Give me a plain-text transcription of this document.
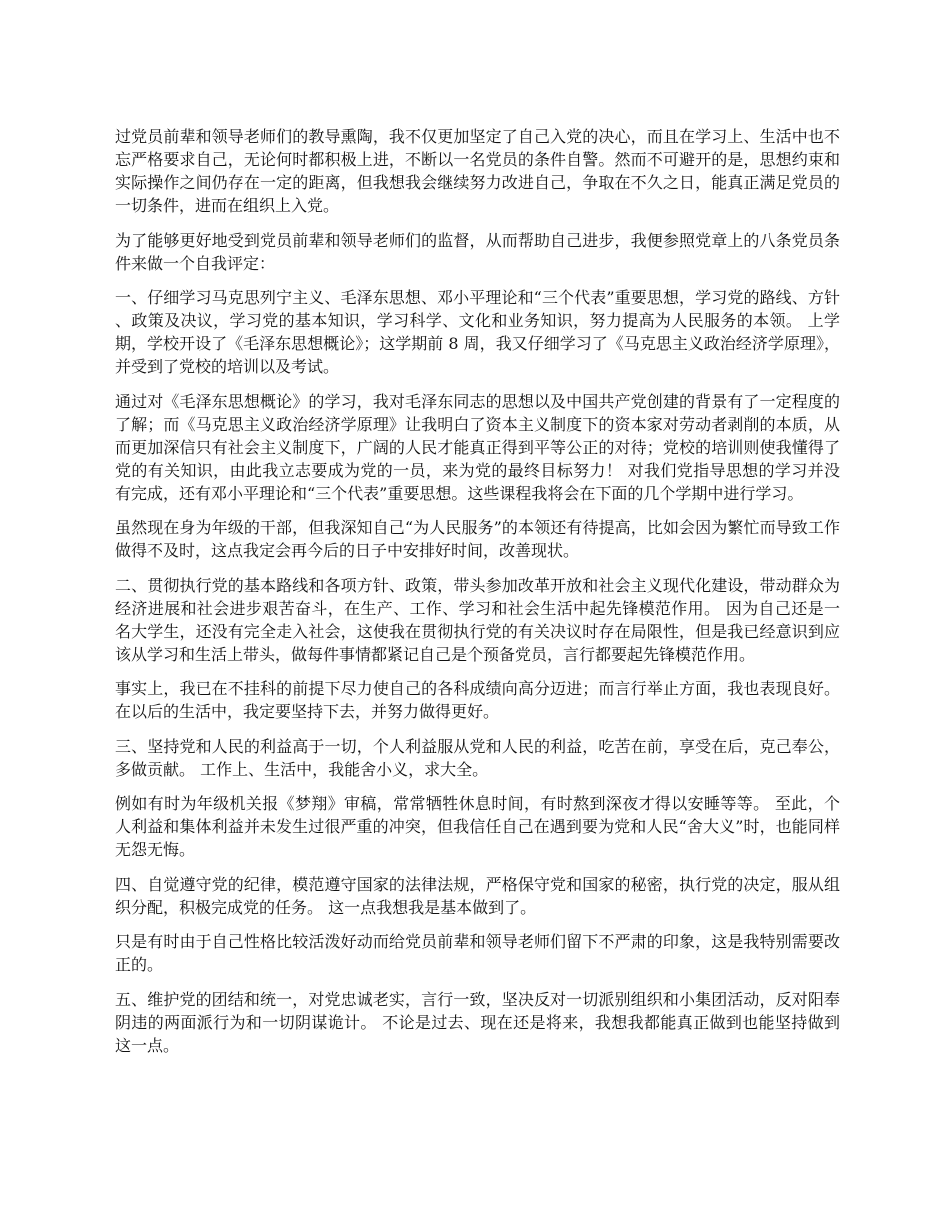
过党员前辈和领导老师们的教导熏陶，我不仅更加坚定了自己入党的决心，而且在学习上、生活中也不忘严格要求自己，无论何时都积极上进，不断以一名党员的条件自警。然而不可避开的是，思想约束和实际操作之间仍存在一定的距离，但我想我会继续努力改进自己，争取在不久之日，能真正满足党员的一切条件，进而在组织上入党。

为了能够更好地受到党员前辈和领导老师们的监督，从而帮助自己进步，我便参照党章上的八条党员条件来做一个自我评定：

一、仔细学习马克思列宁主义、毛泽东思想、邓小平理论和“三个代表”重要思想，学习党的路线、方针、政策及决议，学习党的基本知识，学习科学、文化和业务知识，努力提高为人民服务的本领。 上学期，学校开设了《毛泽东思想概论》；这学期前 8 周，我又仔细学习了《马克思主义政治经济学原理》，并受到了党校的培训以及考试。

通过对《毛泽东思想概论》的学习，我对毛泽东同志的思想以及中国共产党创建的背景有了一定程度的了解；而《马克思主义政治经济学原理》让我明白了资本主义制度下的资本家对劳动者剥削的本质，从而更加深信只有社会主义制度下，广阔的人民才能真正得到平等公正的对待；党校的培训则使我懂得了党的有关知识，由此我立志要成为党的一员，来为党的最终目标努力！ 对我们党指导思想的学习并没有完成，还有邓小平理论和“三个代表”重要思想。这些课程我将会在下面的几个学期中进行学习。

虽然现在身为年级的干部，但我深知自己“为人民服务”的本领还有待提高，比如会因为繁忙而导致工作做得不及时，这点我定会再今后的日子中安排好时间，改善现状。

二、贯彻执行党的基本路线和各项方针、政策，带头参加改革开放和社会主义现代化建设，带动群众为经济进展和社会进步艰苦奋斗，在生产、工作、学习和社会生活中起先锋模范作用。 因为自己还是一名大学生，还没有完全走入社会，这使我在贯彻执行党的有关决议时存在局限性，但是我已经意识到应该从学习和生活上带头，做每件事情都紧记自己是个预备党员，言行都要起先锋模范作用。

事实上，我已在不挂科的前提下尽力使自己的各科成绩向高分迈进；而言行举止方面，我也表现良好。在以后的生活中，我定要坚持下去，并努力做得更好。

三、坚持党和人民的利益高于一切，个人利益服从党和人民的利益，吃苦在前，享受在后，克己奉公，多做贡献。 工作上、生活中，我能舍小义，求大全。

例如有时为年级机关报《梦翔》审稿，常常牺牲休息时间，有时熬到深夜才得以安睡等等。 至此，个人利益和集体利益并未发生过很严重的冲突，但我信任自己在遇到要为党和人民“舍大义”时，也能同样无怨无悔。

四、自觉遵守党的纪律，模范遵守国家的法律法规，严格保守党和国家的秘密，执行党的决定，服从组织分配，积极完成党的任务。 这一点我想我是基本做到了。

只是有时由于自己性格比较活泼好动而给党员前辈和领导老师们留下不严肃的印象，这是我特别需要改正的。

五、维护党的团结和统一，对党忠诚老实，言行一致，坚决反对一切派别组织和小集团活动，反对阳奉阴违的两面派行为和一切阴谋诡计。 不论是过去、现在还是将来，我想我都能真正做到也能坚持做到这一点。
